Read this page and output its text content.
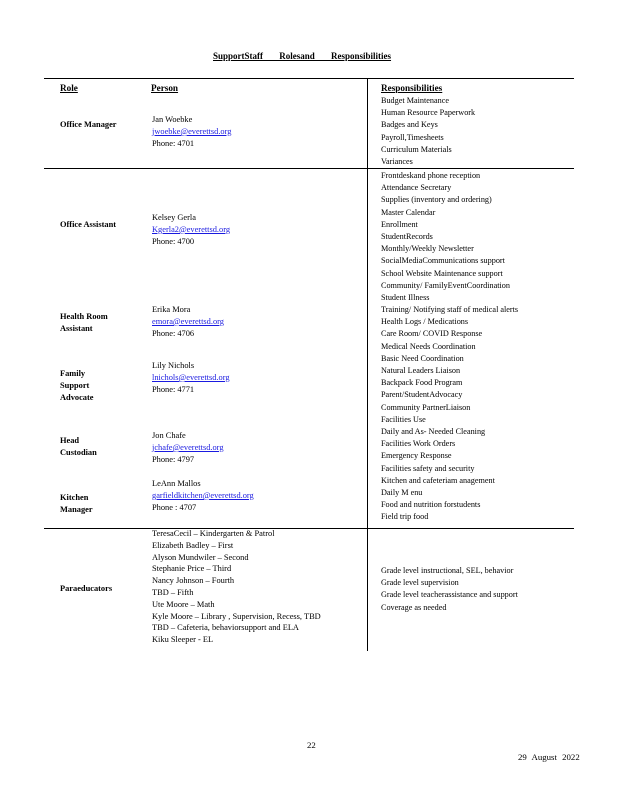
SupportStaff Rolesand Responsibilities
Role	Person	Responsibilities
Office Manager
Office Assistant
Health Room Assistant
Family Support Advocate
Head Custodian
Kitchen Manager
Jan Woebke
jwoebke@everettsd.org
Phone: 4701
Kelsey Gerla
Kgerla2@everettsd.org
Phone: 4700
Erika Mora
emora@everettsd.org
Phone: 4706
Lily Nichols
lnichols@everettsd.org
Phone: 4771
Jon Chafe
jchafe@everettsd.org
Phone: 4797
LeAnn Mallos
garfieldkitchen@everettsd.org
Phone : 4707
Budget Maintenance
Human Resource Paperwork
Badges and Keys
Payroll,Timesheets
Curriculum Materials
Variances
Frontdeskand phone reception
Attendance Secretary
Supplies (inventory and ordering)
Master Calendar
Enrollment
StudentRecords
Monthly/Weekly Newsletter
SocialMediaCommunications support
School Website Maintenance support
Community/ FamilyEventCoordination
Student Illness
Training/ Notifying staff of medical alerts
Health Logs / Medications
Care Room/ COVID Response
Medical Needs Coordination
Basic Need Coordination
Natural Leaders Liaison
Backpack Food Program
Parent/StudentAdvocacy
Community PartnerLiaison
Facilities Use
Daily and As- Needed Cleaning
Facilities Work Orders
Emergency Response
Facilities safety and security
Kitchen and cafeteriam anagement
Daily M enu
Food and nutrition forstudents
Field trip food
Paraeducators
TeresaCecil – Kindergarten & Patrol
Elizabeth Badley – First
Alyson Mundwiler – Second
Stephanie Price – Third
Nancy Johnson – Fourth
TBD – Fifth
Ute Moore – Math
Kyle Moore – Library , Supervision, Recess, TBD
TBD – Cafeteria, behaviorsupport and ELA
Kiku Sleeper - EL
Grade level instructional, SEL, behavior
Grade level supervision
Grade level teacherassistance and support
Coverage as needed
22
29 August 2022
